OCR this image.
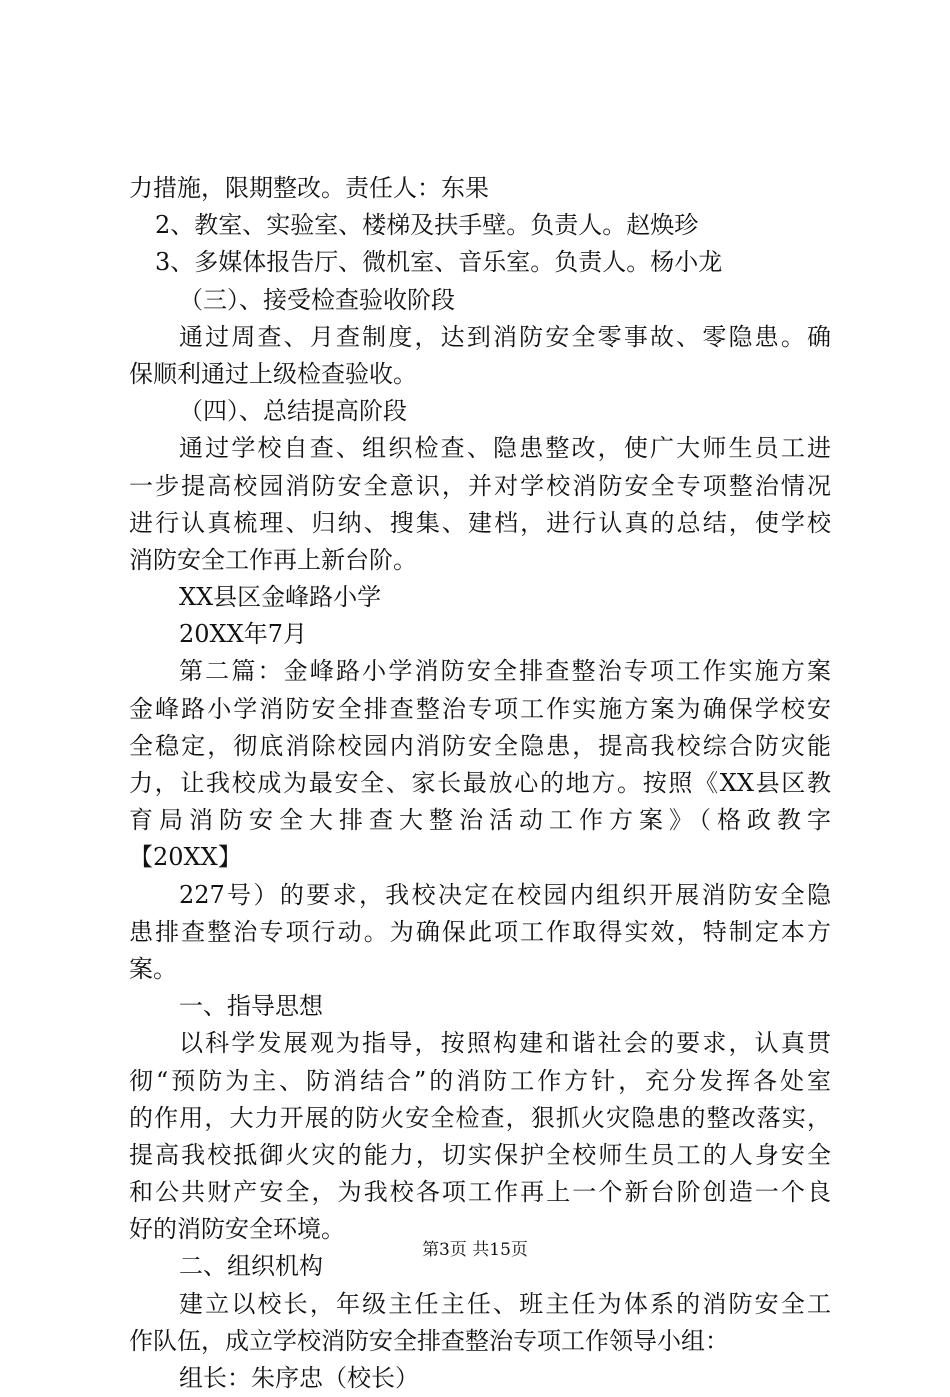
力措施，限期整改。责任人：东果
2、教室、实验室、楼梯及扶手壁。负责人。赵焕珍
3、多媒体报告厅、微机室、音乐室。负责人。杨小龙
（三）、接受检查验收阶段
通过周查、月查制度，达到消防安全零事故、零隐患。确
保顺利通过上级检查验收。
（四）、总结提高阶段
通过学校自查、组织检查、隐患整改，使广大师生员工进
一步提高校园消防安全意识，并对学校消防安全专项整治情况
进行认真梳理、归纳、搜集、建档，进行认真的总结，使学校
消防安全工作再上新台阶。
XX县区金峰路小学
20XX年7月
第二篇：金峰路小学消防安全排查整治专项工作实施方案
金峰路小学消防安全排查整治专项工作实施方案为确保学校安
全稳定，彻底消除校园内消防安全隐患，提高我校综合防灾能
力，让我校成为最安全、家长最放心的地方。按照《XX县区教
育局消防安全大排查大整治活动工作方案》（格政教字
【20XX】
227号）的要求，我校决定在校园内组织开展消防安全隐
患排查整治专项行动。为确保此项工作取得实效，特制定本方
案。
一、指导思想
以科学发展观为指导，按照构建和谐社会的要求，认真贯
彻“预防为主、防消结合”的消防工作方针，充分发挥各处室
的作用，大力开展的防火安全检查，狠抓火灾隐患的整改落实，
提高我校抵御火灾的能力，切实保护全校师生员工的人身安全
和公共财产安全，为我校各项工作再上一个新台阶创造一个良
好的消防安全环境。
二、组织机构
建立以校长，年级主任主任、班主任为体系的消防安全工
作队伍，成立学校消防安全排查整治专项工作领导小组：
组长：朱序忠（校长）
第3页 共15页
